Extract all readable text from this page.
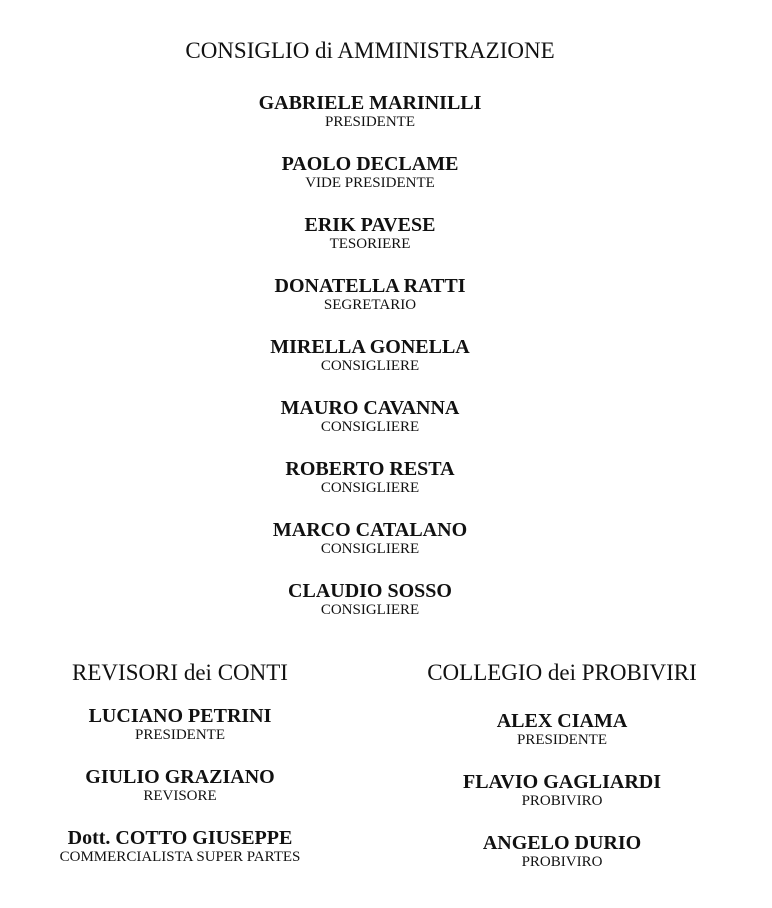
CONSIGLIO di AMMINISTRAZIONE
GABRIELE MARINILLI
PRESIDENTE
PAOLO DECLAME
VIDE PRESIDENTE
ERIK PAVESE
TESORIERE
DONATELLA RATTI
SEGRETARIO
MIRELLA GONELLA
CONSIGLIERE
MAURO CAVANNA
CONSIGLIERE
ROBERTO RESTA
CONSIGLIERE
MARCO CATALANO
CONSIGLIERE
CLAUDIO SOSSO
CONSIGLIERE
REVISORI dei CONTI
LUCIANO PETRINI
PRESIDENTE
GIULIO GRAZIANO
REVISORE
Dott. COTTO GIUSEPPE
COMMERCIALISTA SUPER PARTES
COLLEGIO dei PROBIVIRI
ALEX CIAMA
PRESIDENTE
FLAVIO GAGLIARDI
PROBIVIRO
ANGELO DURIO
PROBIVIRO
